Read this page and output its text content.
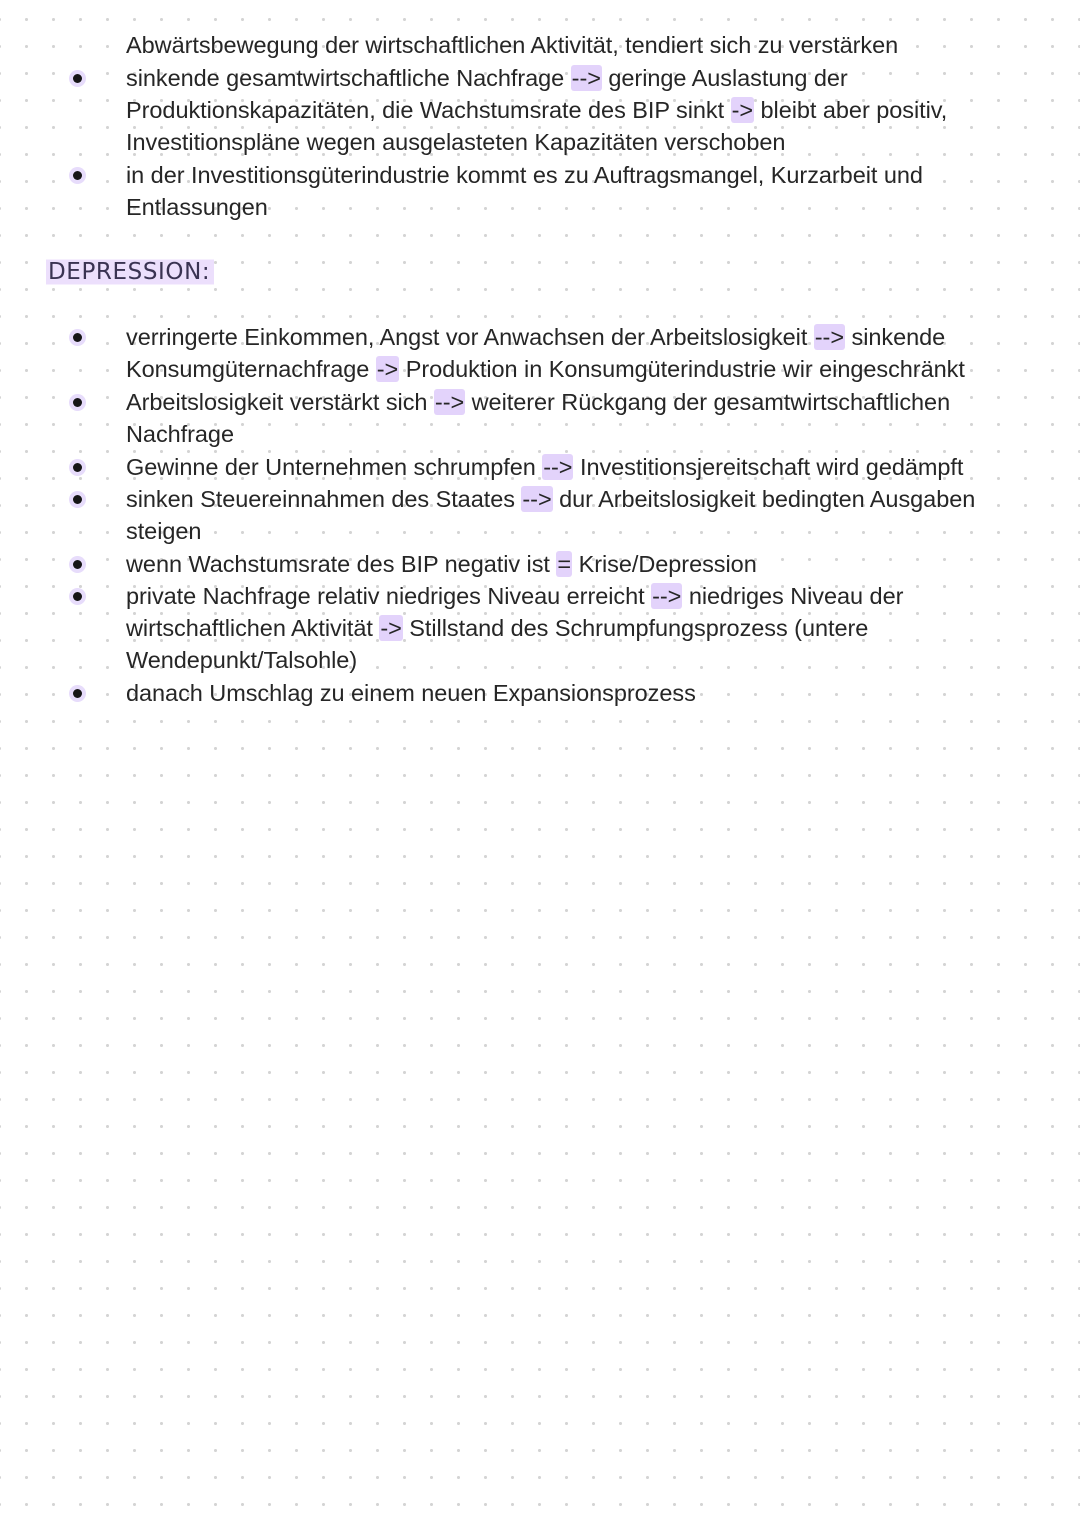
Abwärtsbewegung der wirtschaftlichen Aktivität, tendiert sich zu verstärken
sinkende gesamtwirtschaftliche Nachfrage --> geringe Auslastung der
Produktionskapazitäten, die Wachstumsrate des BIP sinkt -> bleibt aber positiv,
Investitionspläne wegen ausgelasteten Kapazitäten verschoben
in der Investitionsgüterindustrie kommt es zu Auftragsmangel, Kurzarbeit und
Entlassungen
DEPRESSION:
verringerte Einkommen, Angst vor Anwachsen der Arbeitslosigkeit --> sinkende
Konsumgüternachfrage -> Produktion in Konsumgüterindustrie wir eingeschränkt
Arbeitslosigkeit verstärkt sich --> weiterer Rückgang der gesamtwirtschaftlichen
Nachfrage
Gewinne der Unternehmen schrumpfen --> Investitionsjereitschaft wird gedämpft
sinken Steuereinnahmen des Staates --> dur Arbeitslosigkeit bedingten Ausgaben
steigen
wenn Wachstumsrate des BIP negativ ist = Krise/Depression
private Nachfrage relativ niedriges Niveau erreicht --> niedriges Niveau der
wirtschaftlichen Aktivität -> Stillstand des Schrumpfungsprozess (untere
Wendepunkt/Talsohle)
danach Umschlag zu einem neuen Expansionsprozess
